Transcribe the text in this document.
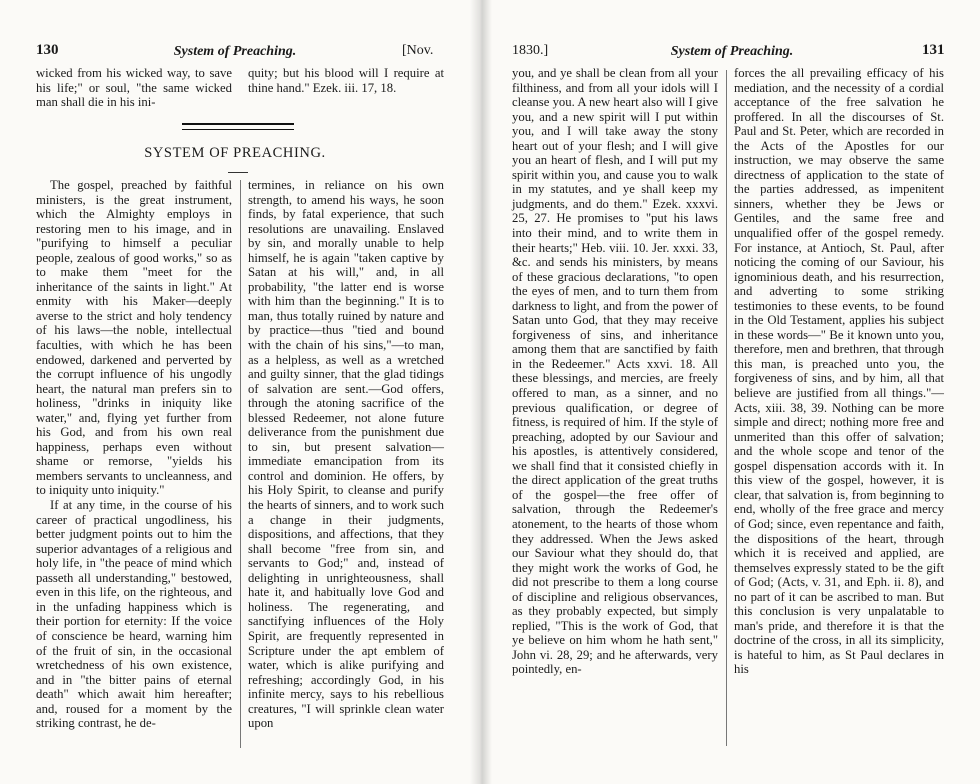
130	System of Preaching.	[Nov.

wicked from his wicked way, to save his life;" or soul, "the same wicked man shall die in his ini-

quity; but his blood will I require at thine hand." Ezek. iii. 17, 18.

SYSTEM OF PREACHING.

The gospel, preached by faithful ministers, is the great instrument, which the Almighty employs in restoring men to his image, and in "purifying to himself a peculiar people, zealous of good works," so as to make them "meet for the inheritance of the saints in light." At enmity with his Maker—deeply averse to the strict and holy tendency of his laws—the noble, intellectual faculties, with which he has been endowed, darkened and perverted by the corrupt influence of his ungodly heart, the natural man prefers sin to holiness, "drinks in iniquity like water," and, flying yet further from his God, and from his own real happiness, perhaps even without shame or remorse, "yields his members servants to uncleanness, and to iniquity unto iniquity."

If at any time, in the course of his career of practical ungodliness, his better judgment points out to him the superior advantages of a religious and holy life, in "the peace of mind which passeth all understanding," bestowed, even in this life, on the righteous, and in the unfading happiness which is their portion for eternity: If the voice of conscience be heard, warning him of the fruit of sin, in the occasional wretchedness of his own existence, and in "the bitter pains of eternal death" which await him hereafter; and, roused for a moment by the striking contrast, he de-

termines, in reliance on his own strength, to amend his ways, he soon finds, by fatal experience, that such resolutions are unavailing. Enslaved by sin, and morally unable to help himself, he is again "taken captive by Satan at his will," and, in all probability, "the latter end is worse with him than the beginning." It is to man, thus totally ruined by nature and by practice—thus "tied and bound with the chain of his sins,"—to man, as a helpless, as well as a wretched and guilty sinner, that the glad tidings of salvation are sent.—God offers, through the atoning sacrifice of the blessed Redeemer, not alone future deliverance from the punishment due to sin, but present salvation—immediate emancipation from its control and dominion. He offers, by his Holy Spirit, to cleanse and purify the hearts of sinners, and to work such a change in their judgments, dispositions, and affections, that they shall become "free from sin, and servants to God;" and, instead of delighting in unrighteousness, shall hate it, and habitually love God and holiness. The regenerating, and sanctifying influences of the Holy Spirit, are frequently represented in Scripture under the apt emblem of water, which is alike purifying and refreshing; accordingly God, in his infinite mercy, says to his rebellious creatures, "I will sprinkle clean water upon

1830.]	System of Preaching.	131

you, and ye shall be clean from all your filthiness, and from all your idols will I cleanse you. A new heart also will I give you, and a new spirit will I put within you, and I will take away the stony heart out of your flesh; and I will give you an heart of flesh, and I will put my spirit within you, and cause you to walk in my statutes, and ye shall keep my judgments, and do them." Ezek. xxxvi. 25, 27. He promises to "put his laws into their mind, and to write them in their hearts;" Heb. viii. 10. Jer. xxxi. 33, &c. and sends his ministers, by means of these gracious declarations, "to open the eyes of men, and to turn them from darkness to light, and from the power of Satan unto God, that they may receive forgiveness of sins, and inheritance among them that are sanctified by faith in the Redeemer." Acts xxvi. 18. All these blessings, and mercies, are freely offered to man, as a sinner, and no previous qualification, or degree of fitness, is required of him. If the style of preaching, adopted by our Saviour and his apostles, is attentively considered, we shall find that it consisted chiefly in the direct application of the great truths of the gospel—the free offer of salvation, through the Redeemer's atonement, to the hearts of those whom they addressed. When the Jews asked our Saviour what they should do, that they might work the works of God, he did not prescribe to them a long course of discipline and religious observances, as they probably expected, but simply replied, "This is the work of God, that ye believe on him whom he hath sent," John vi. 28, 29; and he afterwards, very pointedly, en-

forces the all prevailing efficacy of his mediation, and the necessity of a cordial acceptance of the free salvation he proffered. In all the discourses of St. Paul and St. Peter, which are recorded in the Acts of the Apostles for our instruction, we may observe the same directness of application to the state of the parties addressed, as impenitent sinners, whether they be Jews or Gentiles, and the same free and unqualified offer of the gospel remedy. For instance, at Antioch, St. Paul, after noticing the coming of our Saviour, his ignominious death, and his resurrection, and adverting to some striking testimonies to these events, to be found in the Old Testament, applies his subject in these words—" Be it known unto you, therefore, men and brethren, that through this man, is preached unto you, the forgiveness of sins, and by him, all that believe are justified from all things."—Acts, xiii. 38, 39. Nothing can be more simple and direct; nothing more free and unmerited than this offer of salvation; and the whole scope and tenor of the gospel dispensation accords with it. In this view of the gospel, however, it is clear, that salvation is, from beginning to end, wholly of the free grace and mercy of God; since, even repentance and faith, the dispositions of the heart, through which it is received and applied, are themselves expressly stated to be the gift of God; (Acts, v. 31, and Eph. ii. 8), and no part of it can be ascribed to man. But this conclusion is very unpalatable to man's pride, and therefore it is that the doctrine of the cross, in all its simplicity, is hateful to him, as St Paul declares in his
